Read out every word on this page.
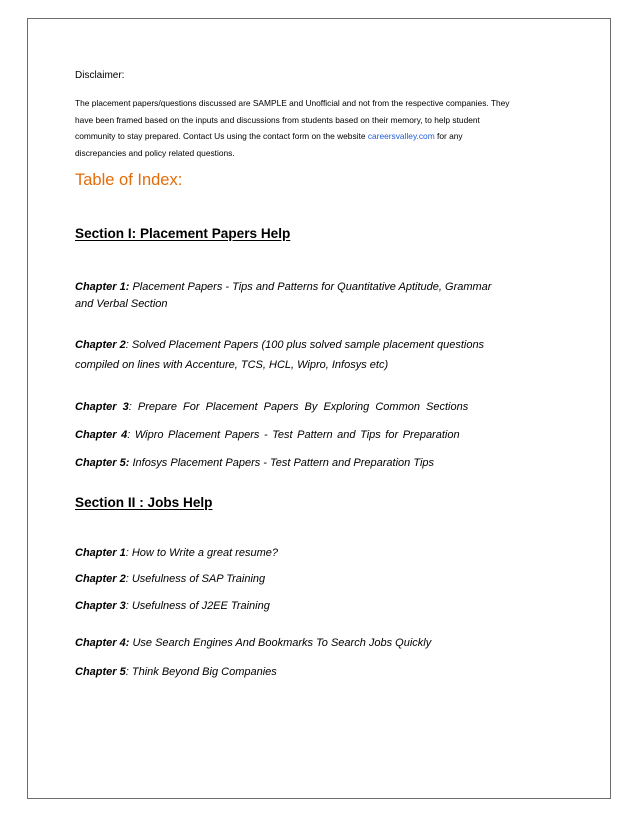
Disclaimer:
The placement papers/questions discussed are SAMPLE and Unofficial and not from the respective companies. They
have been framed based on the inputs and discussions from students based on their memory, to help student
community to stay prepared. Contact Us using the contact form on the website careersvalley.com for any
discrepancies and policy related questions.
Table of Index:
Section I: Placement Papers Help
Chapter 1: Placement Papers - Tips and Patterns for Quantitative Aptitude, Grammar
and Verbal Section
Chapter 2: Solved Placement Papers (100 plus solved sample placement questions
compiled on lines with Accenture, TCS, HCL, Wipro, Infosys etc)
Chapter 3: Prepare For Placement Papers By Exploring Common Sections
Chapter 4: Wipro Placement Papers - Test Pattern and Tips for Preparation
Chapter 5: Infosys Placement Papers - Test Pattern and Preparation Tips
Section II : Jobs Help
Chapter 1: How to Write a great resume?
Chapter 2: Usefulness of SAP Training
Chapter 3: Usefulness of J2EE Training
Chapter 4: Use Search Engines And Bookmarks To Search Jobs Quickly
Chapter 5: Think Beyond Big Companies
